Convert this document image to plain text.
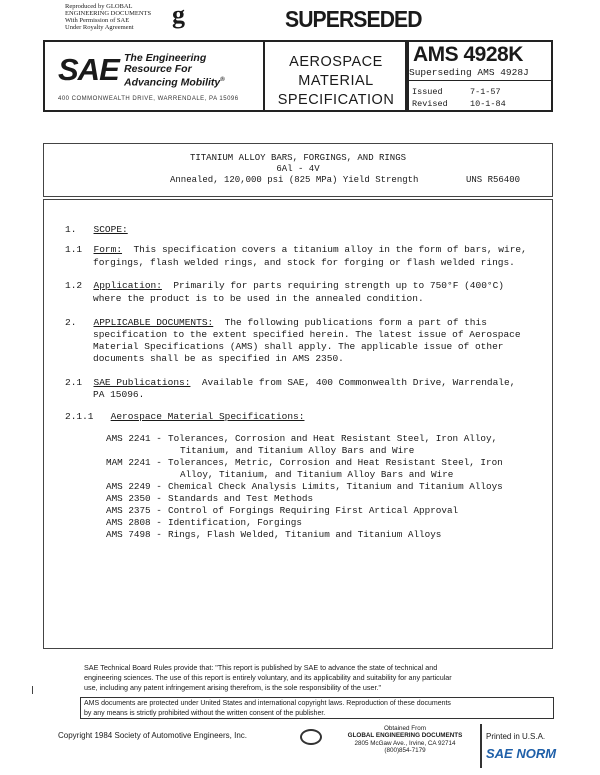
Reproduced by GLOBAL
ENGINEERING DOCUMENTS
With Permission of SAE
Under Royalty Agreement	g	SUPERSEDED
SAE The Engineering
Resource For
Advancing Mobility®
400 COMMONWEALTH DRIVE, WARRENDALE, PA 15096
AEROSPACE
MATERIAL
SPECIFICATION
AMS 4928K
Superseding AMS 4928J
Issued	7-1-57
Revised	10-1-84
TITANIUM ALLOY BARS, FORGINGS, AND RINGS
6Al - 4V
Annealed, 120,000 psi (825 MPa) Yield Strength	UNS R56400
1. SCOPE:
1.1 Form: This specification covers a titanium alloy in the form of bars, wire,
forgings, flash welded rings, and stock for forging or flash welded rings.
1.2 Application: Primarily for parts requiring strength up to 750°F (400°C)
where the product is to be used in the annealed condition.
2. APPLICABLE DOCUMENTS: The following publications form a part of this
specification to the extent specified herein. The latest issue of Aerospace
Material Specifications (AMS) shall apply. The applicable issue of other
documents shall be as specified in AMS 2350.
2.1 SAE Publications: Available from SAE, 400 Commonwealth Drive, Warrendale,
PA 15096.
2.1.1 Aerospace Material Specifications:
AMS 2241 - Tolerances, Corrosion and Heat Resistant Steel, Iron Alloy,
Titanium, and Titanium Alloy Bars and Wire
MAM 2241 - Tolerances, Metric, Corrosion and Heat Resistant Steel, Iron
Alloy, Titanium, and Titanium Alloy Bars and Wire
AMS 2249 - Chemical Check Analysis Limits, Titanium and Titanium Alloys
AMS 2350 - Standards and Test Methods
AMS 2375 - Control of Forgings Requiring First Artical Approval
AMS 2808 - Identification, Forgings
AMS 7498 - Rings, Flash Welded, Titanium and Titanium Alloys
SAE Technical Board Rules provide that: "This report is published by SAE to advance the state of technical and
engineering sciences. The use of this report is entirely voluntary, and its applicability and suitability for any particular
use, including any patent infringement arising therefrom, is the sole responsibility of the user."
AMS documents are protected under United States and international copyright laws. Reproduction of these documents
by any means is strictly prohibited without the written consent of the publisher.
Copyright 1984 Society of Automotive Engineers, Inc.
Obtained From
GLOBAL ENGINEERING DOCUMENTS
2805 McGaw Ave., Irvine, CA 92714
(800)854-7179
Printed in U.S.A.
SAE NORM
